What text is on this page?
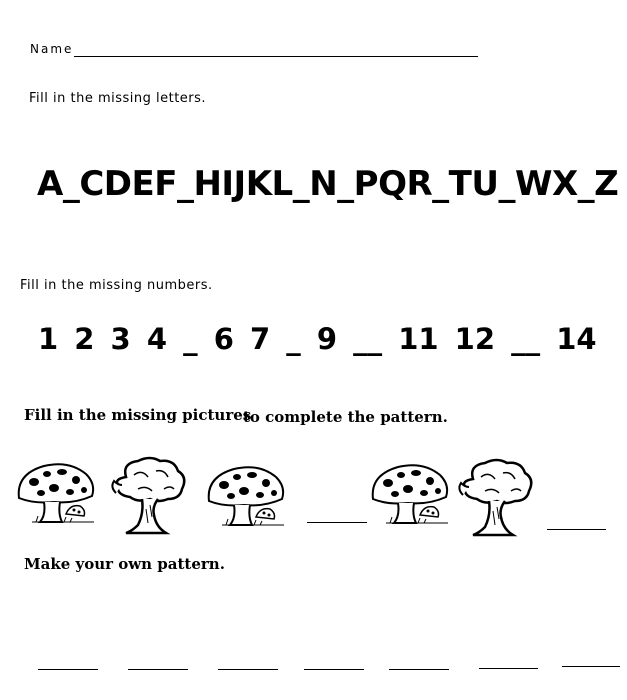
Name
Fill in the missing letters.
A_CDEF_HIJKL_N_PQR_TU_WX_Z
Fill in the missing numbers.
1 2 3 4 _ 6 7 _ 9 __ 11 12 __ 14
Fill in the missing pictures
to complete the pattern.
Make your own pattern.
